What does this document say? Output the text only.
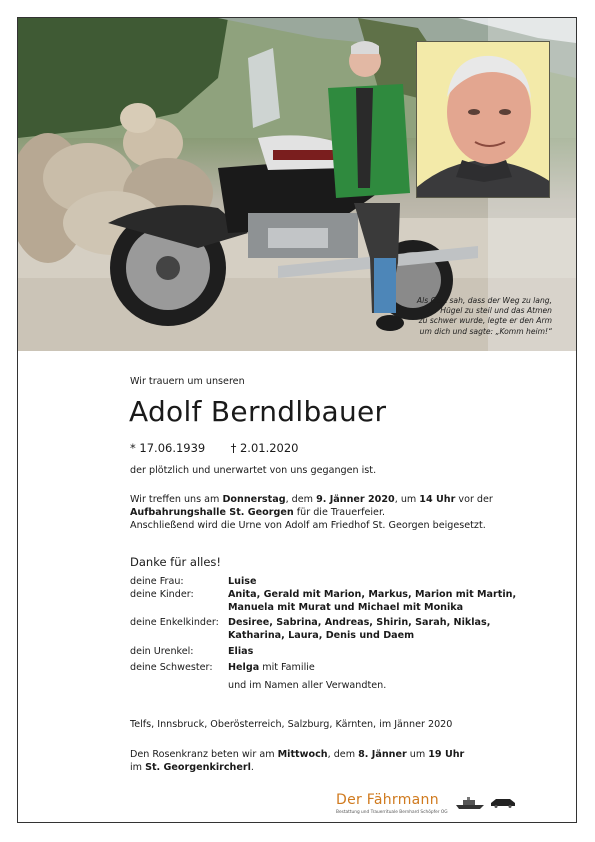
Als Gott sah, dass der Weg zu lang,
der Hügel zu steil und das Atmen
zu schwer wurde, legte er den Arm
um dich und sagte: „Komm heim!“
Wir trauern um unseren
Adolf Berndlbauer
* 17.06.1939 † 2.01.2020
der plötzlich und unerwartet von uns gegangen ist.
Wir treffen uns am Donnerstag, dem 9. Jänner 2020, um 14 Uhr vor der
Aufbahrungshalle St. Georgen für die Trauerfeier.
Anschließend wird die Urne von Adolf am Friedhof St. Georgen beigesetzt.
Danke für alles!
deine Frau:	Luise
deine Kinder:	Anita, Gerald mit Marion, Markus, Marion mit Martin,
Manuela mit Murat und Michael mit Monika
deine Enkelkinder: Desiree, Sabrina, Andreas, Shirin, Sarah, Niklas,
Katharina, Laura, Denis und Daem
dein Urenkel:	Elias
deine Schwester:	Helga mit Familie
und im Namen aller Verwandten.
Telfs, Innsbruck, Oberösterreich, Salzburg, Kärnten, im Jänner 2020
Den Rosenkranz beten wir am Mittwoch, dem 8. Jänner um 19 Uhr
im St. Georgenkircherl.
Der Fährmann
Bestattung und Trauerrituale Bernhard Schöpfer OG
